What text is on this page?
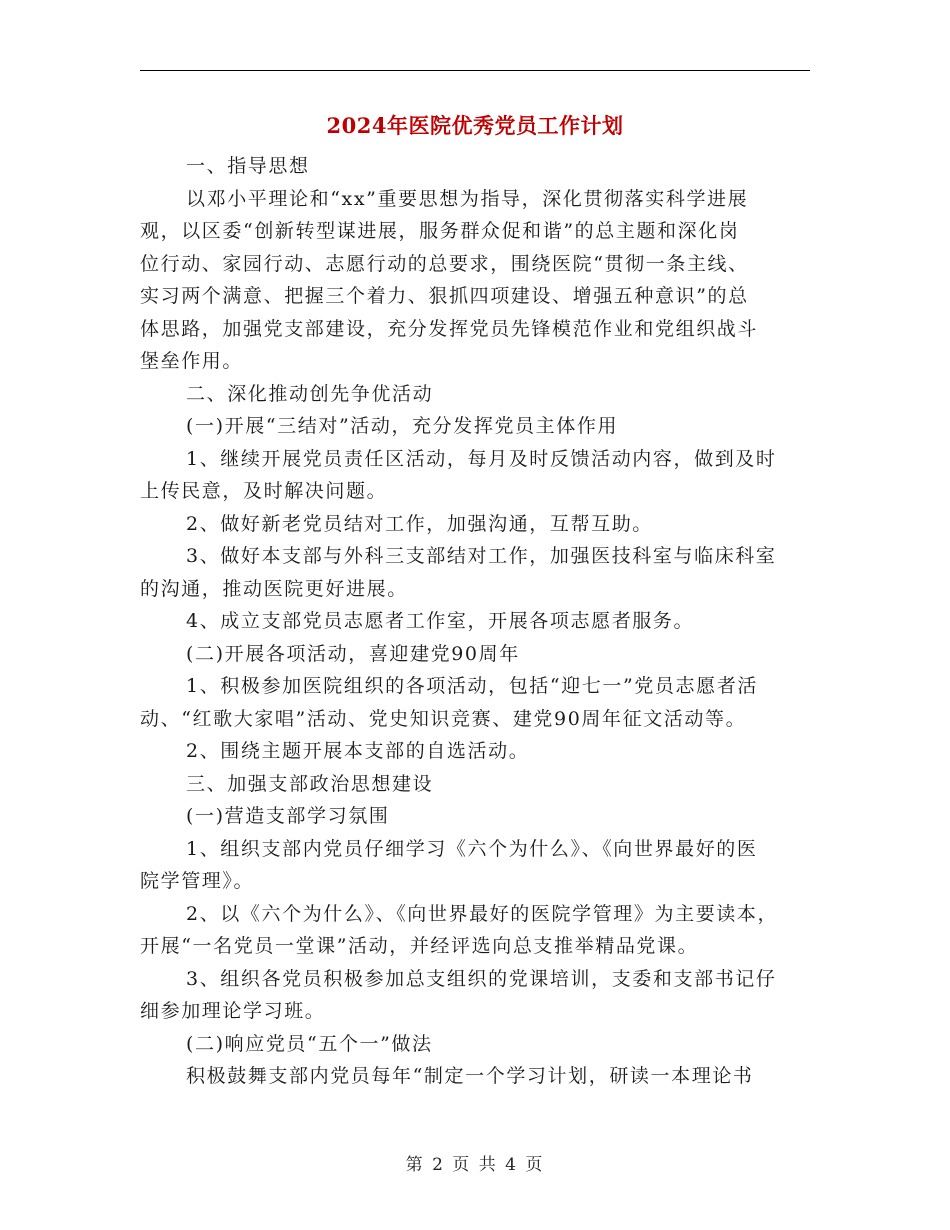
2024年医院优秀党员工作计划
一、指导思想
以邓小平理论和“xx”重要思想为指导，深化贯彻落实科学进展
观，以区委“创新转型谋进展，服务群众促和谐”的总主题和深化岗
位行动、家园行动、志愿行动的总要求，围绕医院“贯彻一条主线、
实习两个满意、把握三个着力、狠抓四项建设、增强五种意识”的总
体思路，加强党支部建设，充分发挥党员先锋模范作业和党组织战斗
堡垒作用。
二、深化推动创先争优活动
(一)开展“三结对”活动，充分发挥党员主体作用
1、继续开展党员责任区活动，每月及时反馈活动内容，做到及时
上传民意，及时解决问题。
2、做好新老党员结对工作，加强沟通，互帮互助。
3、做好本支部与外科三支部结对工作，加强医技科室与临床科室
的沟通，推动医院更好进展。
4、成立支部党员志愿者工作室，开展各项志愿者服务。
(二)开展各项活动，喜迎建党90周年
1、积极参加医院组织的各项活动，包括“迎七一”党员志愿者活
动、“红歌大家唱”活动、党史知识竞赛、建党90周年征文活动等。
2、围绕主题开展本支部的自选活动。
三、加强支部政治思想建设
(一)营造支部学习氛围
1、组织支部内党员仔细学习《六个为什么》、《向世界最好的医
院学管理》。
2、以《六个为什么》、《向世界最好的医院学管理》为主要读本，
开展“一名党员一堂课”活动，并经评选向总支推举精品党课。
3、组织各党员积极参加总支组织的党课培训，支委和支部书记仔
细参加理论学习班。
(二)响应党员“五个一”做法
积极鼓舞支部内党员每年“制定一个学习计划，研读一本理论书
第 2 页 共 4 页
